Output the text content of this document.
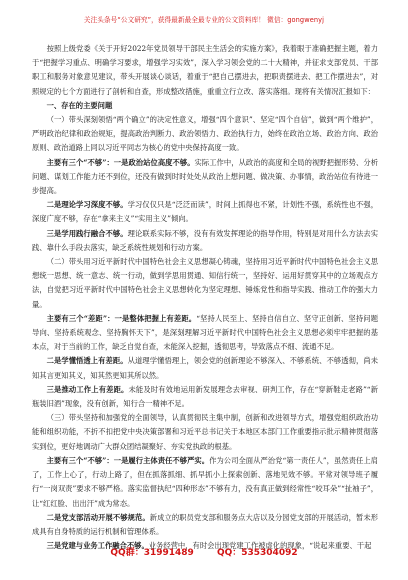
关注头条号“公文研究”，获得最新最全最专业的公文资料库！ 微信：gongwenyj

按照上级党委《关于开好2022年党员领导干部民主生活会的实施方案》，我着眼于准确把握主题，着力于“把握学习重点、明确学习要求，增强学习实效”，深入学习领会党的二十大精神，并征求支部党员、干部职工和服务对象意见建议，带头开展谈心谈话，着重于“把自己摆进去，把职责摆进去、把工作摆进去”，对照规定的七个方面进行了剖析和自查，形成整改措施，重重立行立改、落实落细。现将有关情况汇报如下：

一、存在的主要问题

（一）带头深刻领悟“两个确立”的决定性意义，增强“四个意识”、坚定“四个自信”，做到“两个维护”，严明政治纪律和政治规矩，提高政治判断力、政治领悟力、政治执行力，始终在政治立场、政治方向、政治原则、政治道路上同以习近平同志为核心的党中央保持高度一致。

主要有三个“不够”：一是政治站位高度不够。实际工作中，从政治的高度和全局的视野把握形势、分析问题、谋划工作能力还不到位，还没有做到时时处处从政治上想问题、做决策、办事情，政治站位有待进一步提高。

二是理论学习深度不够。学习仅仅只是“泛泛而读”，时间上抓得也不紧，计划性不强，系统性也不强，深度广度不够，存在“拿来主义”“实用主义”倾向。

三是学用践行融合不够。理论联系实际不够，没有有效发挥理论的指导作用，特别是对用什么方法去实践、靠什么手段去落实，缺乏系统性规划和行动方案。

（二）带头用习近平新时代中国特色社会主义思想凝心铸魂，坚持用习近平新时代中国特色社会主义思想统一思想、统一意志、统一行动，做到学思用贯通、知信行统一，坚持好、运用好贯穿其中的立场观点方法，自觉把习近平新时代中国特色社会主义思想转化为坚定理想、锤炼党性和指导实践、推动工作的强大力量。

主要有三个“差距”：一是整体把握上有差距。“坚持人民至上、坚持自信自立、坚守正创新、坚持问题导向、坚持系统观念、坚持胸怀天下”，是深刻理解习近平新时代中国特色社会主义思想必须牢牢把握的基本点，对于当前的工作，缺乏自觉自查，未能深入挖掘，透彻思考，导致落点不细、流通不足。

二是学懂悟透上有差距。从道理学懂悟理上，领会党的创新理论不够深入、不够系统、不够透彻，尚未知其言更知其义，知其然更知其所以然。

三是推动工作上有差距。未能及时有效地运用新发展理念去审视、研判工作，存在“穿新鞋走老路”“新瓶装旧酒”现象，没有创新，知行合一精神不足。

（三）带头坚持和加强党的全面领导，认真贯彻民主集中制，创新和改进领导方式，增强党组织政治功能和组织功能，不折不扣把党中央决策部署和习近平总书记关于本地区本部门工作重要指示批示精神贯彻落实到位，更好地调动广大群众团结凝聚好、夯实党执政的根基。

主要有三个“不够”：一是履行主体责任不够严实。作为公司全面从严治党“第一责任人”，虽然责任上肩了，工作上心了，行动上路了，但在抓落抓细、抓早抓小上探索创新、落地见效不够。平常对领导班子履行“一岗双责”要求不够严格。落实监督执纪“四种形态”不够有力，没有真正做到经常性“咬耳朵”“扯袖子”，让“红红脸、出出汗”成为常态。

二是党支部活动开展不够规范。新成立的职员党支部和服务点大店以及分园党支部的开展活动，暂未形成具有自身特质的运行机制和管理体系。

三是党建与业务工作融合不够。业务经营中，有时会出现党建工作被虚化的现象，“说起来重要、干起

QQ群：31991489	QQ：535304092
